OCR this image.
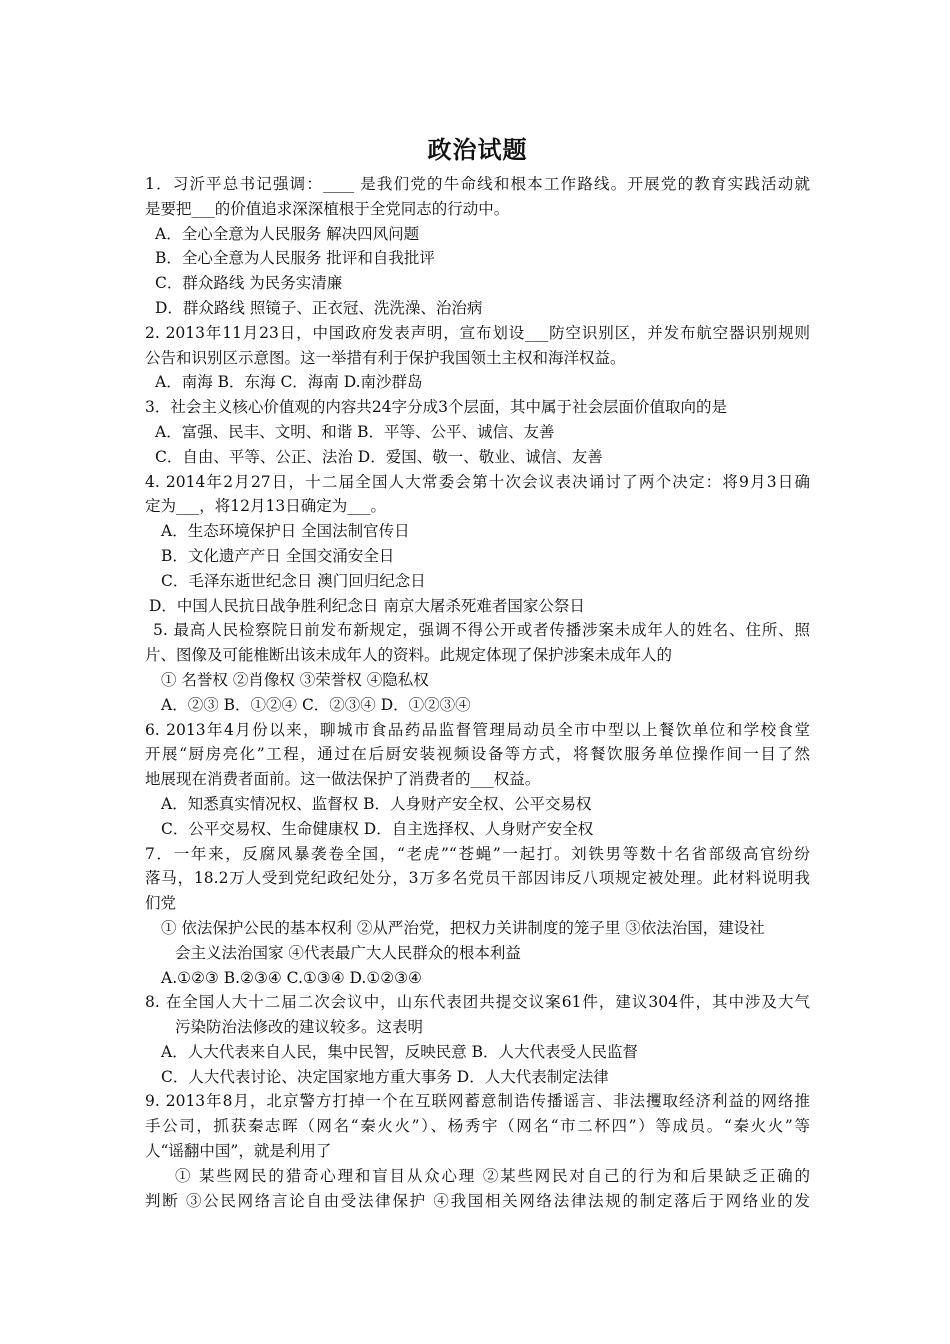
政治试题
1．习沂平总书记强调：____ 是我们党的牛命线和根本工作路线。开展党的教育实践活动就
是要把___的价值追求深深植根于全党同志的行动中。
A．全心全意为人民服务 解决四风问题
B．全心全意为人民服务 批评和自我批评
C．群众路线 为民务实清廉
D．群众路线 照镜子、正衣冠、洗洗澡、治治病
2. 2013年11月23日，中国政府发表声明，宣布划设___防空识别区，并发布航空器识别规则
公告和识别区示意图。这一举措有利于保护我国领土主权和海洋权益。
A．南海 B．东海 C．海南 D.南沙群岛
3．社会主义核心价值观的内容共24字分成3个层面，其中属于社会层面价值取向的是
A．富强、民丰、文明、和谐 B．平等、公平、诚信、友善
C．自由、平等、公正、法治 D．爱国、敬一、敬业、诚信、友善
4. 2014年2月27日，十二届全国人大常委会第十次会议表决诵讨了两个决定：将9月3日确
定为___，将12月13日确定为___。
A．生态环境保护日 全国法制官传日
B．文化遗产产日 全国交涌安全日
C．毛泽东逝世纪念日 澳门回归纪念日
D．中国人民抗日战争胜利纪念日 南京大屠杀死难者国家公祭日
5. 最高人民检察院日前发布新规定，强调不得公开或者传播涉案未成年人的姓名、住所、照
片、图像及可能椎断出该未成年人的资料。此规定体现了保护涉案未成年人的
① 名誉权 ②肖像权 ③荣誉权 ④隐私权
A．②③ B．①②④ C．②③④ D．①②③④
6. 2013年4月份以来，聊城市食品药品监督管理局动员全市中型以上餐饮单位和学校食堂
开展“厨房亮化”工程，通过在后厨安装视频设备等方式，将餐饮服务单位操作间一目了然
地展现在消费者面前。这一做法保护了消费者的___权益。
A．知悉真实情况权、监督权 B．人身财产安全权、公平交易权
C．公平交易权、生命健康权 D．自主选择权、人身财产安全权
7．一年来，反腐风暴袭卷全国，“老虎”“苍蝇”一起打。刘铁男等数十名省部级高官纷纷
落马，18.2万人受到党纪政纪处分，3万多名党员干部因讳反八项规定被处理。此材料说明我
们党
① 依法保护公民的基本权利 ②从严治党，把权力关讲制度的笼子里 ③依法治国，建设社
会主义法治国家 ④代表最广大人民群众的根本利益
A.①②③ B.②③④ C.①③④ D.①②③④
8. 在全国人大十二届二次会议中，山东代表团共提交议案61件，建议304件，其中涉及大气
污染防治法修改的建议较多。这表明
A．人大代表来自人民，集中民智，反映民意 B．人大代表受人民监督
C．人大代表讨论、决定国家地方重大事务 D．人大代表制定法律
9. 2013年8月，北京警方打掉一个在互联网蓄意制诰传播谣言、非法攫取经济利益的网络推
手公司，抓获秦志晖（网名“秦火火”）、杨秀宇（网名“市二杯四”）等成员。“秦火火”等
人“谣翻中国”，就是利用了
① 某些网民的猎奇心理和盲目从众心理 ②某些网民对自己的行为和后果缺乏正确的
判断 ③公民网络言论自由受法律保护 ④我国相关网络法律法规的制定落后于网络业的发
